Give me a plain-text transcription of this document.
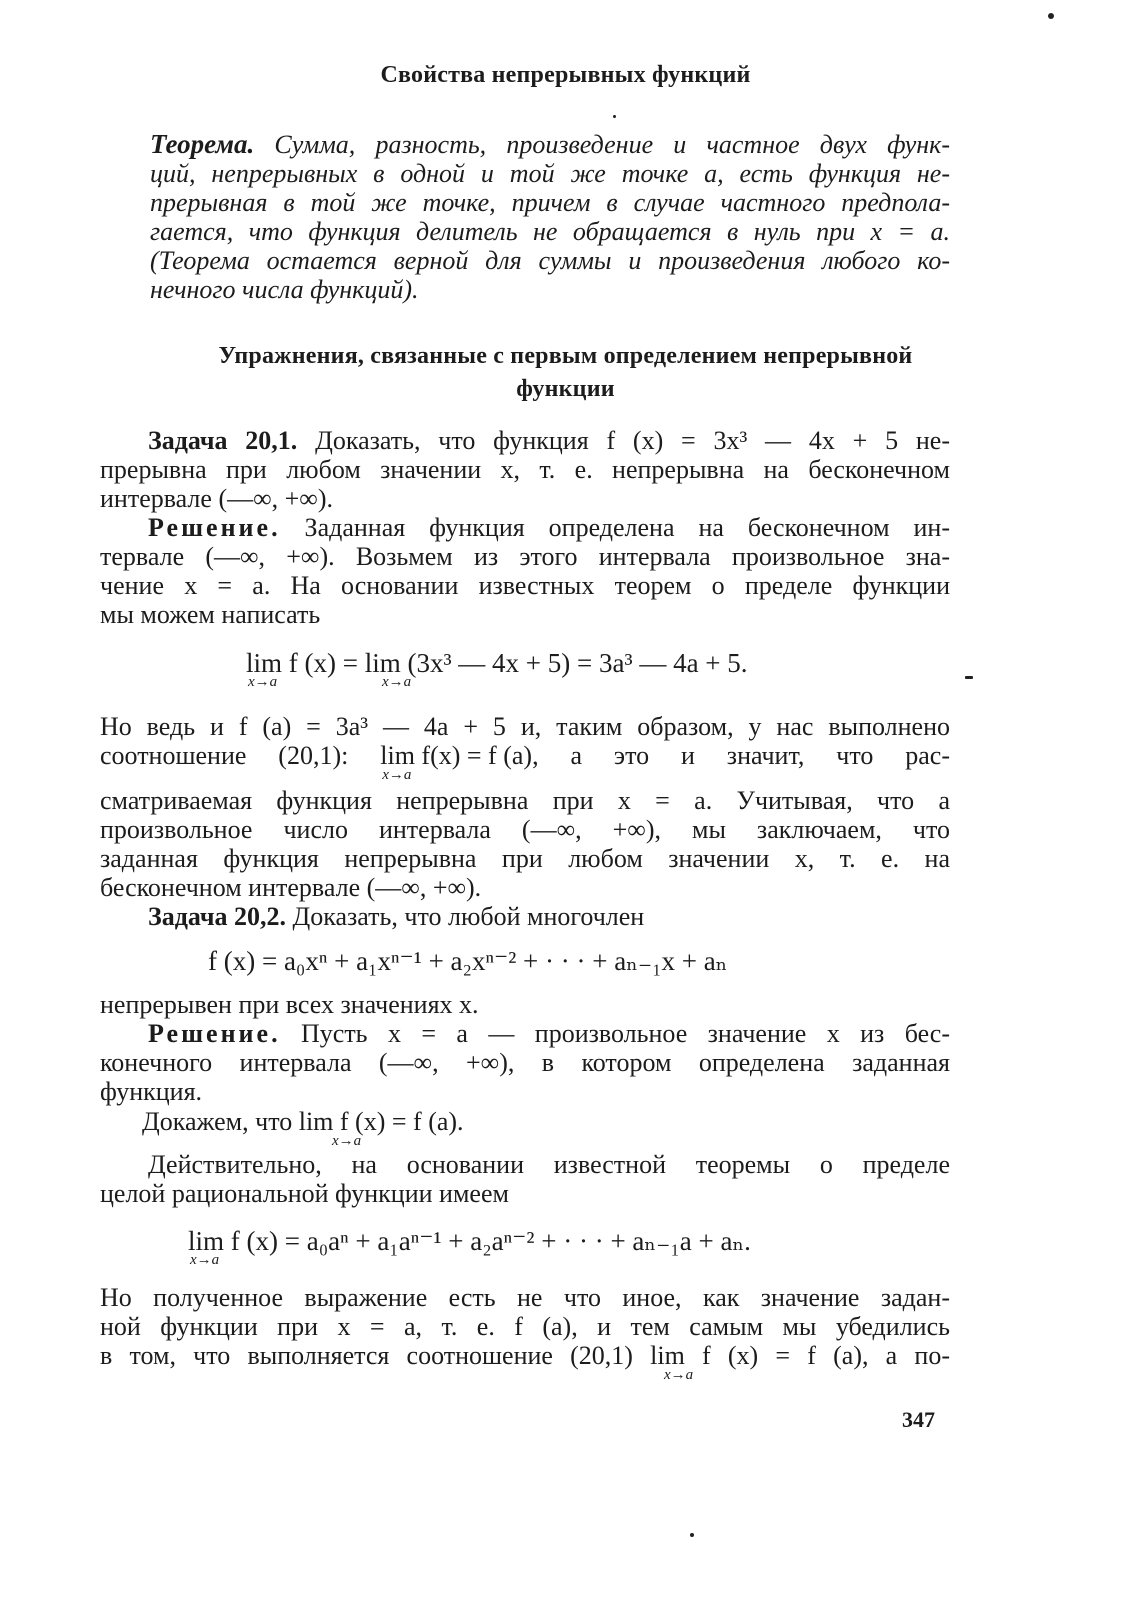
Свойства непрерывных функций
Теорема. Сумма, разность, произведение и частное двух функ-
ций, непрерывных в одной и той же точке a, есть функция не-
прерывная в той же точке, причем в случае частного предпола-
гается, что функция делитель не обращается в нуль при x = a.
(Теорема остается верной для суммы и произведения любого ко-
нечного числа функций).
Упражнения, связанные с первым определением непрерывной
функции
Задача 20,1. Доказать, что функция f (x) = 3x³ — 4x + 5 не-
прерывна при любом значении x, т. е. непрерывна на бесконечном
интервале (—∞, +∞).
Решение. Заданная функция определена на бесконечном ин-
тервале (—∞, +∞). Возьмем из этого интервала произвольное зна-
чение x = a. На основании известных теорем о пределе функции
мы можем написать
lim f (x) = lim (3x³ — 4x + 5) = 3a³ — 4a + 5.
x→a	x→a
Но ведь и f (a) = 3a³ — 4a + 5 и, таким образом, у нас выполнено
соотношение (20,1): lim f(x) = f (a),
x→a
а это и значит, что рас-
сматриваемая функция непрерывна при x = a. Учитывая, что a
произвольное число интервала (—∞, +∞), мы заключаем, что
заданная функция непрерывна при любом значении x, т. е. на
бесконечном интервале (—∞, +∞).
Задача 20,2. Доказать, что любой многочлен
f (x) = a₀xⁿ + a₁xⁿ⁻¹ + a₂xⁿ⁻² + · · · + aₙ₋₁x + aₙ
непрерывен при всех значениях x.
Решение. Пусть x = a — произвольное значение x из бес-
конечного интервала (—∞, +∞), в котором определена заданная
функция.
Докажем, что lim f (x) = f (a).
x→a
Действительно, на основании известной теоремы о пределе
целой рациональной функции имеем
lim f (x) = a₀aⁿ + a₁aⁿ⁻¹ + a₂aⁿ⁻² + · · · + aₙ₋₁a + aₙ.
x→a
Но полученное выражение есть не что иное, как значение задан-
ной функции при x = a, т. е. f (a), и тем самым мы убедились
в том, что выполняется соотношение (20,1) lim f (x) = f (a), а по-
x→a
347
